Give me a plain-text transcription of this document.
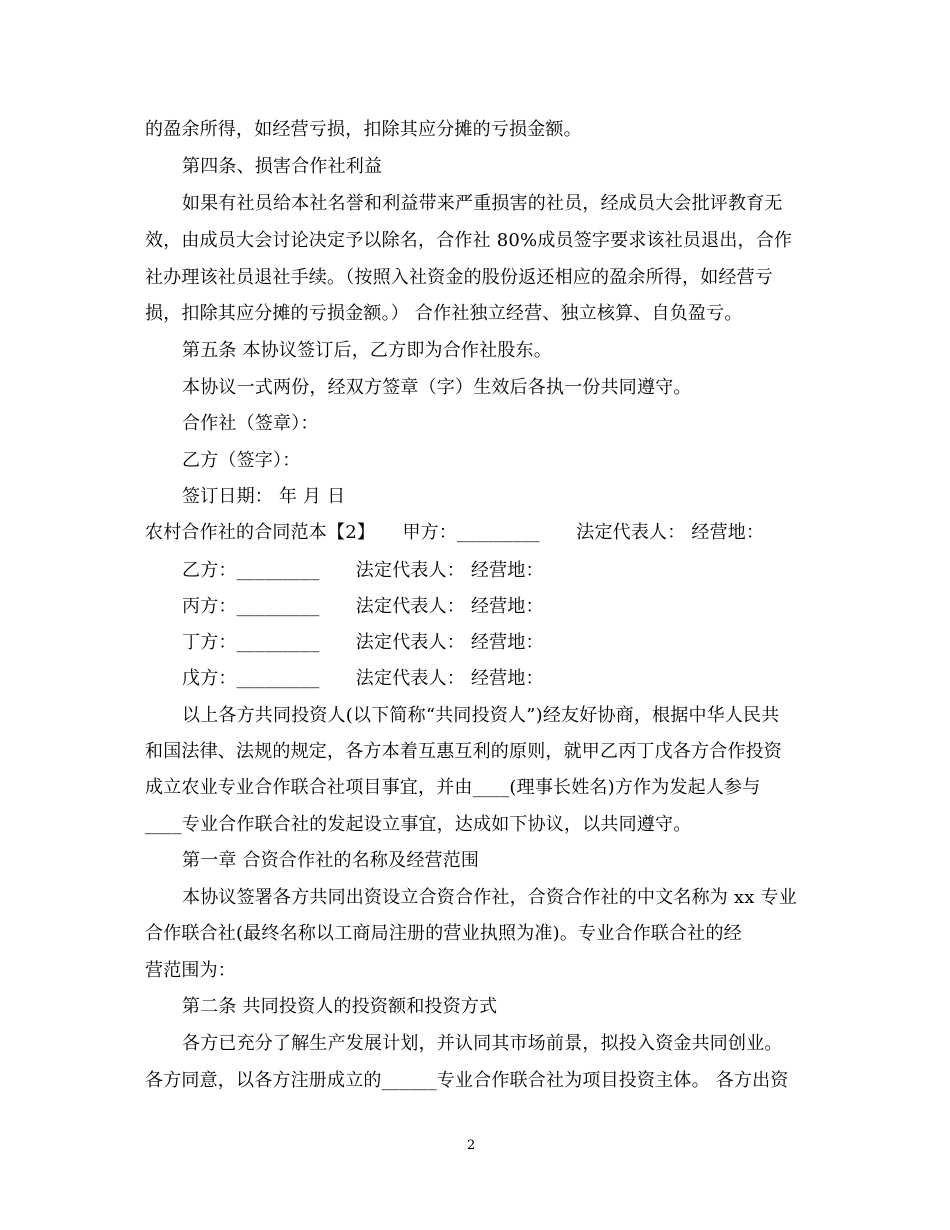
的盈余所得，如经营亏损，扣除其应分摊的亏损金额。
第四条、损害合作社利益
如果有社员给本社名誉和利益带来严重损害的社员，经成员大会批评教育无
效，由成员大会讨论决定予以除名，合作社 80%成员签字要求该社员退出，合作
社办理该社员退社手续。（按照入社资金的股份返还相应的盈余所得，如经营亏
损，扣除其应分摊的亏损金额。） 合作社独立经营、独立核算、自负盈亏。
第五条 本协议签订后，乙方即为合作社股东。
本协议一式两份，经双方签章（字）生效后各执一份共同遵守。
合作社（签章）：
乙方（签字）：
签订日期： 年 月 日
农村合作社的合同范本【2】　　甲方：_________　　法定代表人： 经营地：
乙方：_________　　法定代表人： 经营地：
丙方：_________　　法定代表人： 经营地：
丁方：_________　　法定代表人： 经营地：
戊方：_________　　法定代表人： 经营地：
以上各方共同投资人(以下简称“共同投资人”)经友好协商，根据中华人民共
和国法律、法规的规定，各方本着互惠互利的原则，就甲乙丙丁戊各方合作投资
成立农业专业合作联合社项目事宜，并由____(理事长姓名)方作为发起人参与
____专业合作联合社的发起设立事宜，达成如下协议，以共同遵守。
第一章 合资合作社的名称及经营范围
本协议签署各方共同出资设立合资合作社，合资合作社的中文名称为 xx 专业
合作联合社(最终名称以工商局注册的营业执照为准)。专业合作联合社的经
营范围为：
第二条 共同投资人的投资额和投资方式
各方已充分了解生产发展计划，并认同其市场前景，拟投入资金共同创业。
各方同意，以各方注册成立的______专业合作联合社为项目投资主体。 各方出资
2
